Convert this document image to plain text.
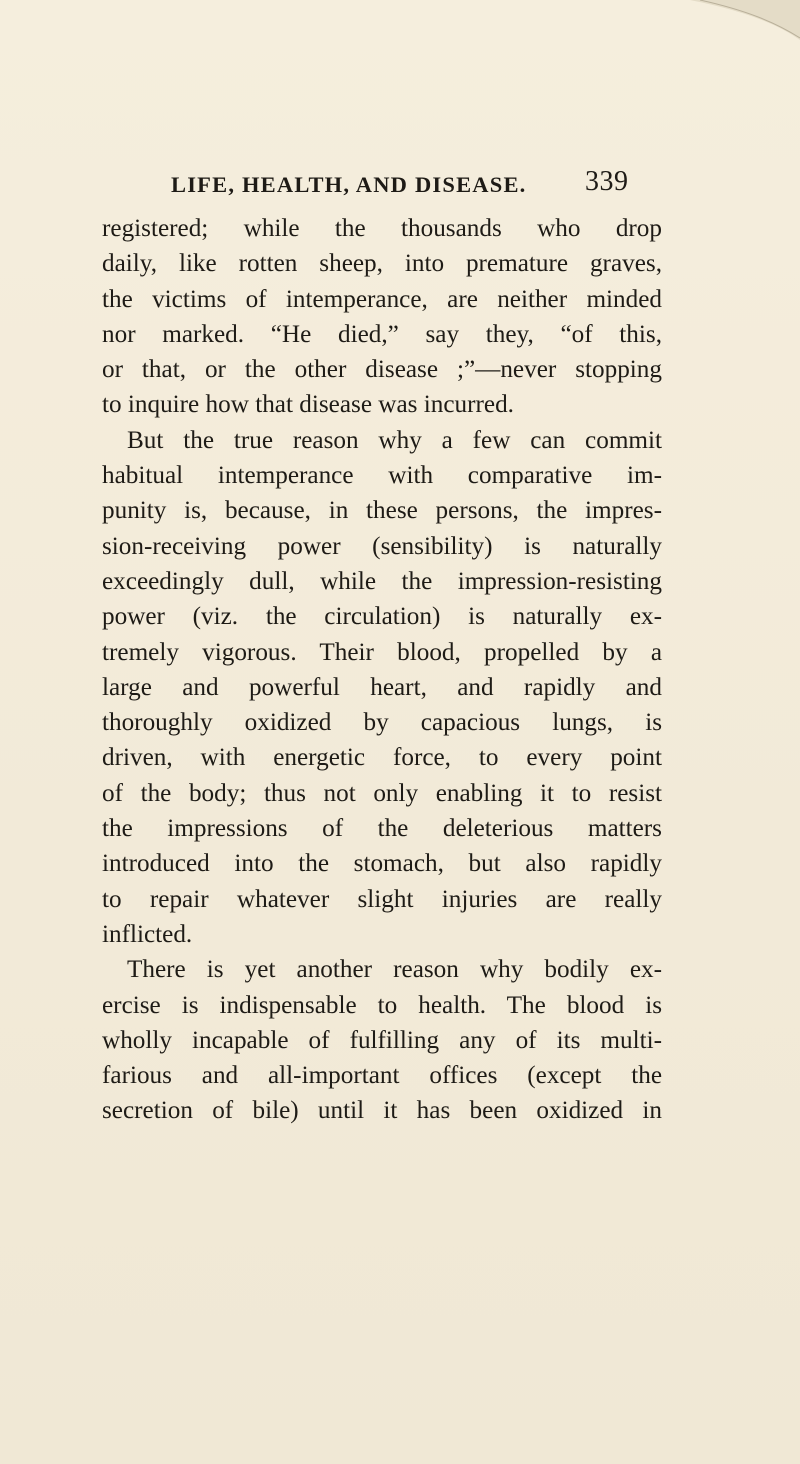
LIFE, HEALTH, AND DISEASE. 339
registered; while the thousands who drop
daily, like rotten sheep, into premature graves,
the victims of intemperance, are neither minded
nor marked. “He died,” say they, “of this,
or that, or the other disease ;”—never stopping
to inquire how that disease was incurred.
But the true reason why a few can commit
habitual intemperance with comparative im-
punity is, because, in these persons, the impres-
sion-receiving power (sensibility) is naturally
exceedingly dull, while the impression-resisting
power (viz. the circulation) is naturally ex-
tremely vigorous. Their blood, propelled by a
large and powerful heart, and rapidly and
thoroughly oxidized by capacious lungs, is
driven, with energetic force, to every point
of the body; thus not only enabling it to resist
the impressions of the deleterious matters
introduced into the stomach, but also rapidly
to repair whatever slight injuries are really
inflicted.
There is yet another reason why bodily ex-
ercise is indispensable to health. The blood is
wholly incapable of fulfilling any of its multi-
farious and all-important offices (except the
secretion of bile) until it has been oxidized in
